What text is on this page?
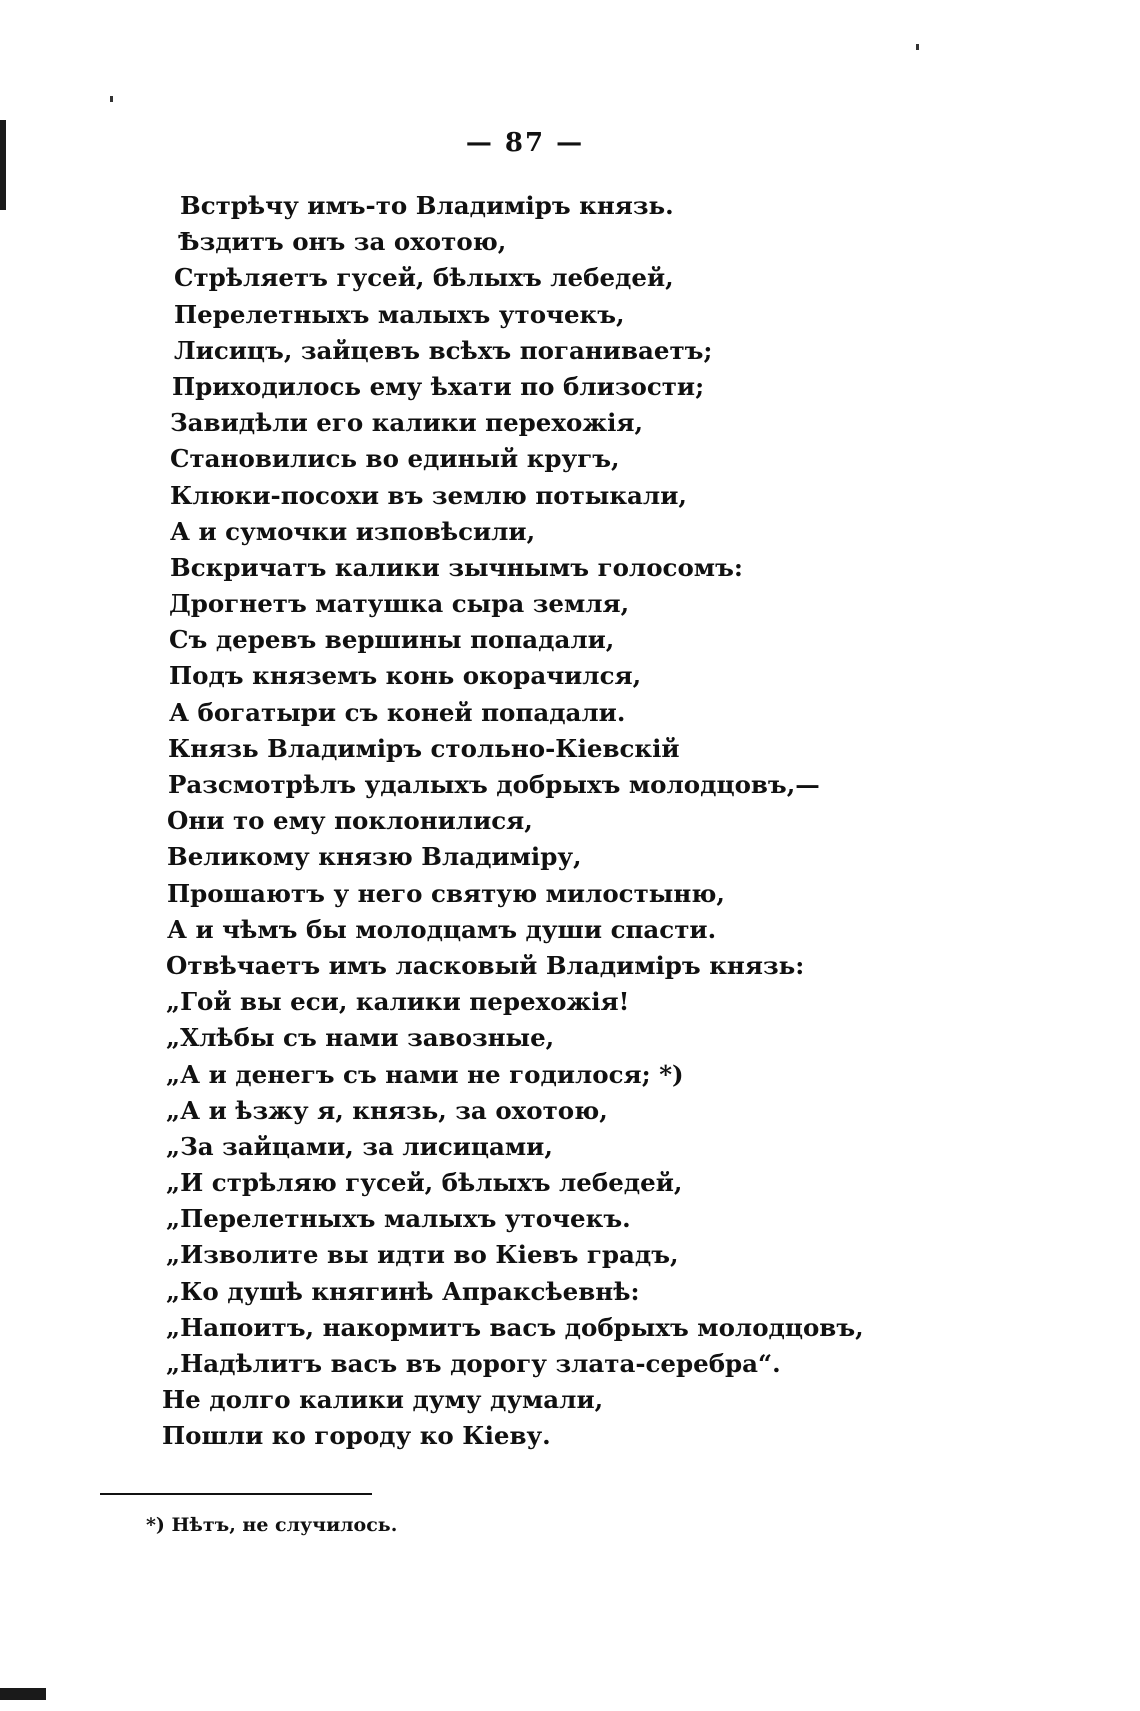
— 87 —
Встрѣчу имъ-то Владиміръ князь.
Ѣздитъ онъ за охотою,
Стрѣляетъ гусей, бѣлыхъ лебедей,
Перелетныхъ малыхъ уточекъ,
Лисицъ, зайцевъ всѣхъ поганиваетъ;
Приходилось ему ѣхати по близости;
Завидѣли его калики перехожія,
Становились во единый кругъ,
Клюки-посохи въ землю потыкали,
А и сумочки изповѣсили,
Вскричатъ калики зычнымъ голосомъ:
Дрогнетъ матушка сыра земля,
Съ деревъ вершины попадали,
Подъ княземъ конь окорачился,
А богатыри съ коней попадали.
Князь Владиміръ стольно-Кіевскій
Разсмотрѣлъ удалыхъ добрыхъ молодцовъ,—
Они то ему поклонилися,
Великому князю Владиміру,
Прошаютъ у него святую милостыню,
А и чѣмъ бы молодцамъ души спасти.
Отвѣчаетъ имъ ласковый Владиміръ князь:
„Гой вы еси, калики перехожія!
„Хлѣбы съ нами завозные,
„А и денегъ съ нами не годилося; *)
„А и ѣзжу я, князь, за охотою,
„За зайцами, за лисицами,
„И стрѣляю гусей, бѣлыхъ лебедей,
„Перелетныхъ малыхъ уточекъ.
„Изволите вы идти во Кіевъ градъ,
„Ко душѣ княгинѣ Апраксѣевнѣ:
„Напоитъ, накормитъ васъ добрыхъ молодцовъ,
„Надѣлитъ васъ въ дорогу злата-серебра“.
Не долго калики думу думали,
Пошли ко городу ко Кіеву.
*) Нѣтъ, не случилось.
